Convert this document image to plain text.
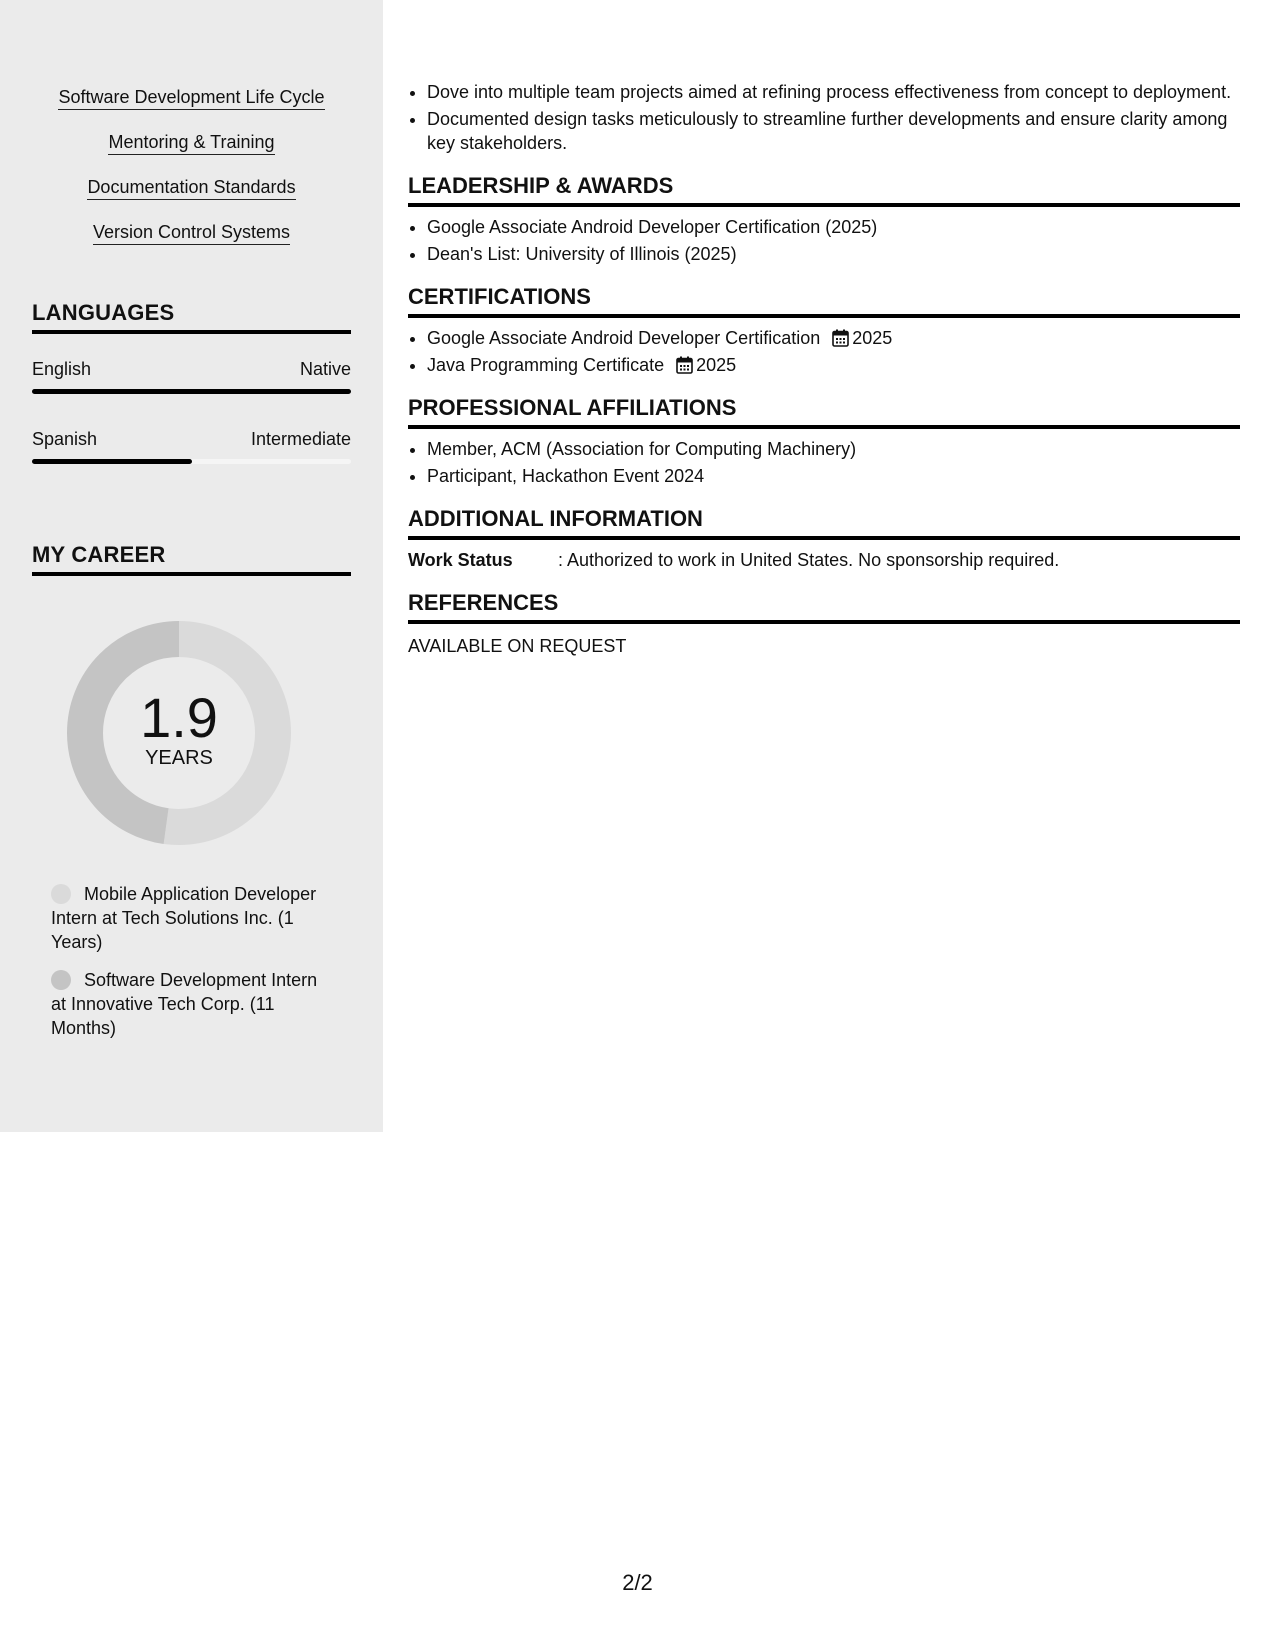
Software Development Life Cycle
Mentoring & Training
Documentation Standards
Version Control Systems
LANGUAGES
English	Native
Spanish	Intermediate
MY CAREER
1.9
YEARS
Mobile Application Developer Intern at Tech Solutions Inc. (1 Years)
Software Development Intern at Innovative Tech Corp. (11 Months)
• Dove into multiple team projects aimed at refining process effectiveness from concept to deployment.
• Documented design tasks meticulously to streamline further developments and ensure clarity among key stakeholders.
LEADERSHIP & AWARDS
• Google Associate Android Developer Certification (2025)
• Dean's List: University of Illinois (2025)
CERTIFICATIONS
• Google Associate Android Developer Certification 2025
• Java Programming Certificate 2025
PROFESSIONAL AFFILIATIONS
• Member, ACM (Association for Computing Machinery)
• Participant, Hackathon Event 2024
ADDITIONAL INFORMATION
Work Status	: Authorized to work in United States. No sponsorship required.
REFERENCES
AVAILABLE ON REQUEST
2/2
